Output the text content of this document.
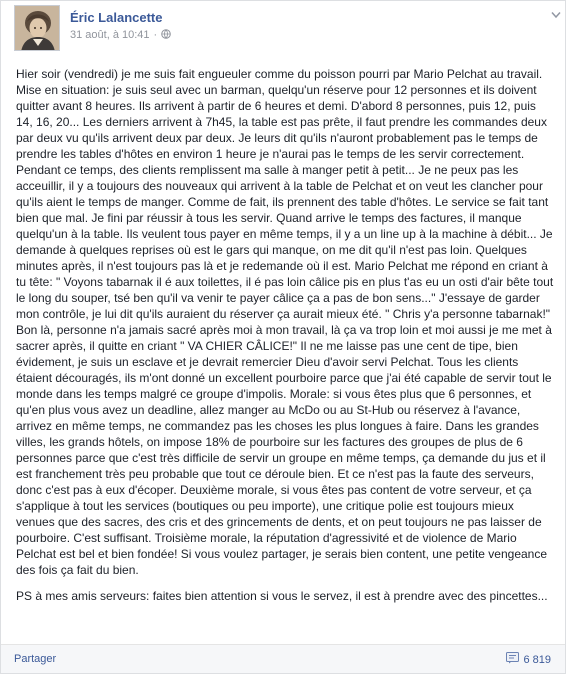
Éric Lalancette
31 août, à 10:41 ·

Hier soir (vendredi) je me suis fait engueuler comme du poisson pourri par Mario Pelchat au travail. Mise en situation: je suis seul avec un barman, quelqu'un réserve pour 12 personnes et ils doivent quitter avant 8 heures. Ils arrivent à partir de 6 heures et demi. D'abord 8 personnes, puis 12, puis 14, 16, 20... Les derniers arrivent à 7h45, la table est pas prête, il faut prendre les commandes deux par deux vu qu'ils arrivent deux par deux. Je leurs dit qu'ils n'auront probablement pas le temps de prendre les tables d'hôtes en environ 1 heure je n'aurai pas le temps de les servir correctement. Pendant ce temps, des clients remplissent ma salle à manger petit à petit... Je ne peux pas les acceuillir, il y a toujours des nouveaux qui arrivent à la table de Pelchat et on veut les clancher pour qu'ils aient le temps de manger. Comme de fait, ils prennent des table d'hôtes. Le service se fait tant bien que mal. Je fini par réussir à tous les servir. Quand arrive le temps des factures, il manque quelqu'un à la table. Ils veulent tous payer en même temps, il y a un line up à la machine à débit... Je demande à quelques reprises où est le gars qui manque, on me dit qu'il n'est pas loin. Quelques minutes après, il n'est toujours pas là et je redemande où il est. Mario Pelchat me répond en criant à tu tête: " Voyons tabarnak il é aux toilettes, il é pas loin câlice pis en plus t'as eu un osti d'air bête tout le long du souper, tsé ben qu'il va venir te payer câlice ça a pas de bon sens..." J'essaye de garder mon contrôle, je lui dit qu'ils auraient du réserver ça aurait mieux été. " Chris y'a personne tabarnak!" Bon là, personne n'a jamais sacré après moi à mon travail, là ça va trop loin et moi aussi je me met à sacrer après, il quitte en criant " VA CHIER CÂLICE!" Il ne me laisse pas une cent de tipe, bien évidement, je suis un esclave et je devrait remercier Dieu d'avoir servi Pelchat. Tous les clients étaient découragés, ils m'ont donné un excellent pourboire parce que j'ai été capable de servir tout le monde dans les temps malgré ce groupe d'impolis. Morale: si vous êtes plus que 6 personnes, et qu'en plus vous avez un deadline, allez manger au McDo ou au St-Hub ou réservez à l'avance, arrivez en même temps, ne commandez pas les choses les plus longues à faire. Dans les grandes villes, les grands hôtels, on impose 18% de pourboire sur les factures des groupes de plus de 6 personnes parce que c'est très difficile de servir un groupe en même temps, ça demande du jus et il est franchement très peu probable que tout ce déroule bien. Et ce n'est pas la faute des serveurs, donc c'est pas à eux d'écoper. Deuxième morale, si vous êtes pas content de votre serveur, et ça s'applique à tout les services (boutiques ou peu importe), une critique polie est toujours mieux venues que des sacres, des cris et des grincements de dents, et on peut toujours ne pas laisser de pourboire. C'est suffisant. Troisième morale, la réputation d'agressivité et de violence de Mario Pelchat est bel et bien fondée! Si vous voulez partager, je serais bien content, une petite vengeance des fois ça fait du bien.

PS à mes amis serveurs: faites bien attention si vous le servez, il est à prendre avec des pincettes...

Partager	6 819
